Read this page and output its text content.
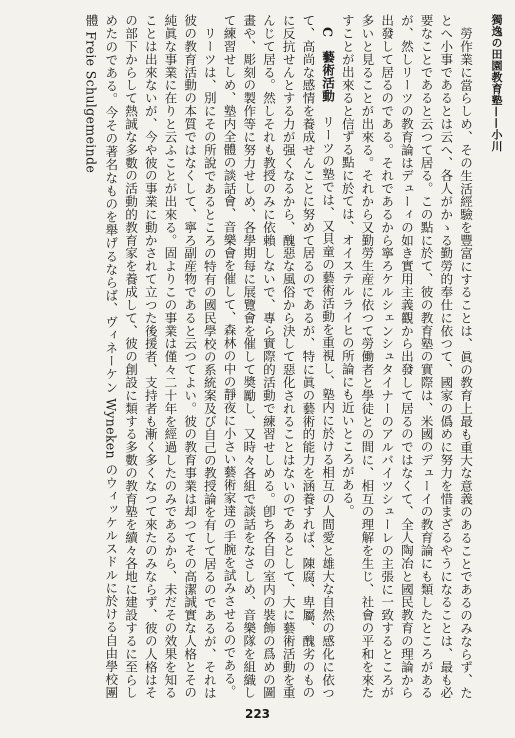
獨逸の田園教育塾——小川

勞作業に當らしめ、その生活經驗を豐富にすることは、眞の教育上最も重大な意義のあることであるのみならず、たとへ小事であるとは云へ、各人がかゝる勤勞的奉仕に依つて、國家の僞めに努力を惜まざるやうになることは、最も必要なことであると云つて居る。この點に於て、彼の教育塾の實際は、米國のデューイの教育論にも類したところがあるが、然しリーツの教育論はデューィの如き實用主義觀から出發して居るのではなくて、全人陶冶と國民教育の理論から出發して居るのである。それであるから寧ろケルシェンシュタイナーのアルバイツシューレの主張に一致するところが多いと見ることが出來る。それから又勤勞生産に依つて勞働者と學徒との間に、相互の理解を生じ、社會の平和を來たすことが出來ると信ずる點に於ては、オイステルライヒの所論にも近いところがある。

C　藝術活動　リーツの塾では、又貝童の藝術活動を重視し、塾内に於ける相互の人間愛と雄大な自然の感化に依つて、高尚な感情を養成せんことに努めて居るのであるが、特に眞の藝術的能力を涵養すれば、陳腐、卑屬、醜劣のものに反抗せんとする力が强くなるから、醜惡な風俗から決して惡化されることはないのであるとして、大に藝術活動を重んじて居る。然しそれも教授のみに依賴しないで、專ら實際的活動で練習せしめる。卽ち各自の室内の裝飾の爲めの圖畫や、彫刻の製作等に努力せしめ、各學期每に展覽會を催して奬勵し、又時々各組で談話をなさしめ、音樂隊を組織して練習せしめ、塾内全體の談話會、音樂會を催して、森林の中の靜夜に小さい藝術家達の手腕を試みさせるのである。

リーツは、別にその所說であるところの特有の國民學校の系統案及び自己の教授論を有して居るのであるが、それは彼の教育活動の本質ではなくして、寧ろ副産物であると云つてよい。彼の教育事業は却つてその高潔誠實な人格とその純眞な事業に在りと云ふことが出來る。固よりこの事業は僅々二十年を經過したのみであるから、未だその效果を知ることは出來ないが、今や彼の事業に動かされて立つた後援者、支持者も漸く多くなつて來たのみならず、彼の人格はその部下からして熱誠な多數の活動的教育家を養成して、彼の創設に類する多數の教育塾を續々各地に建設するに至らしめたのである。今その著名なものを舉げるならば、ヴィネーケン Wyneken のウィッケルスドルに於ける自由學校團體 Freie Schulgemeinde

223
